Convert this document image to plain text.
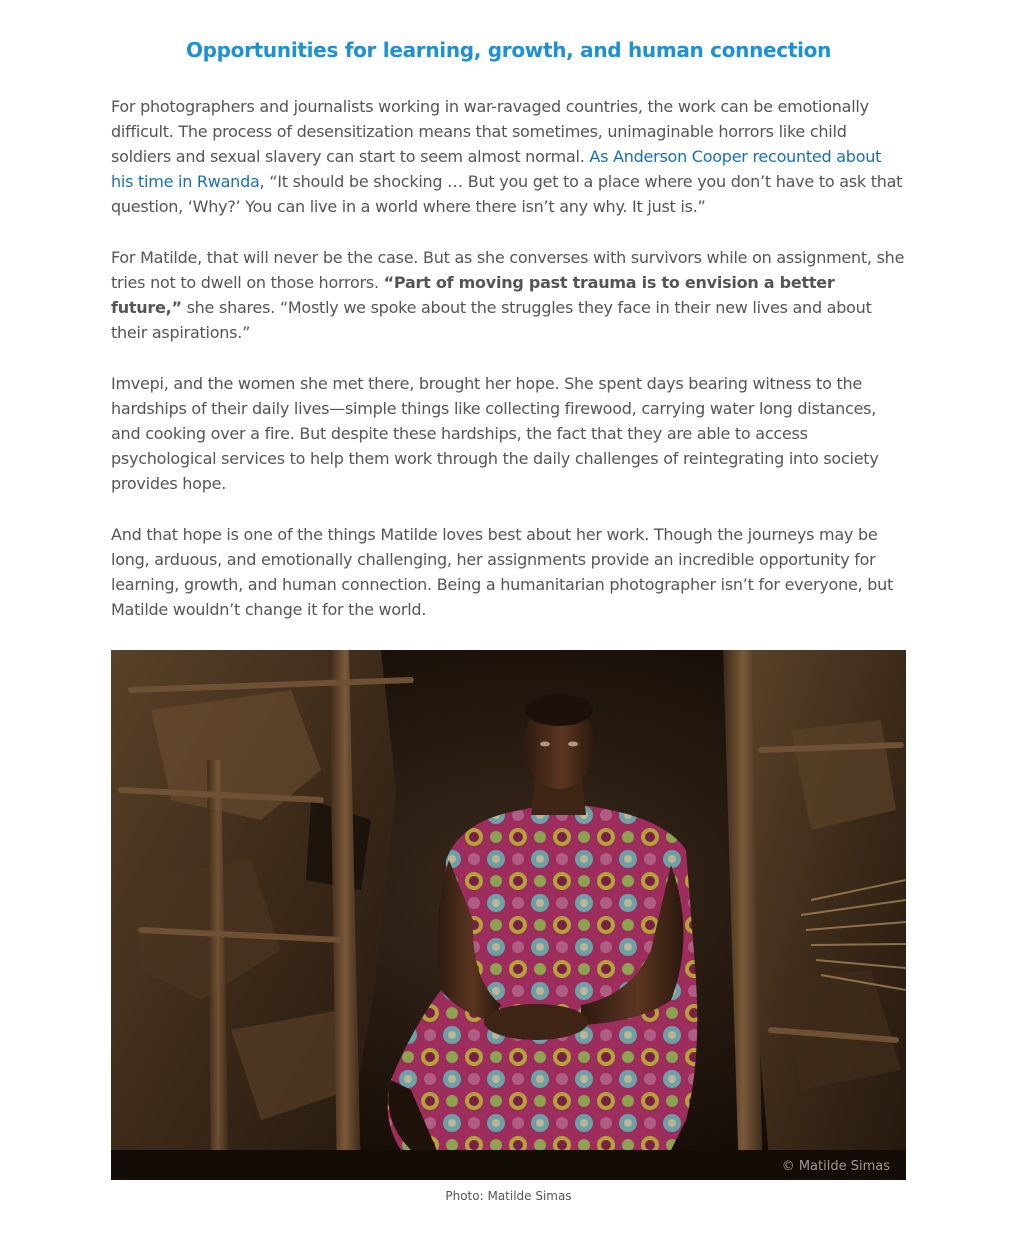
Opportunities for learning, growth, and human connection

For photographers and journalists working in war-ravaged countries, the work can be emotionally difficult. The process of desensitization means that sometimes, unimaginable horrors like child soldiers and sexual slavery can start to seem almost normal. As Anderson Cooper recounted about his time in Rwanda, “It should be shocking … But you get to a place where you don’t have to ask that question, ‘Why?’ You can live in a world where there isn’t any why. It just is.”

For Matilde, that will never be the case. But as she converses with survivors while on assignment, she tries not to dwell on those horrors. “Part of moving past trauma is to envision a better future,” she shares. “Mostly we spoke about the struggles they face in their new lives and about their aspirations.”

Imvepi, and the women she met there, brought her hope. She spent days bearing witness to the hardships of their daily lives—simple things like collecting firewood, carrying water long distances, and cooking over a fire. But despite these hardships, the fact that they are able to access psychological services to help them work through the daily challenges of reintegrating into society provides hope.

And that hope is one of the things Matilde loves best about her work. Though the journeys may be long, arduous, and emotionally challenging, her assignments provide an incredible opportunity for learning, growth, and human connection. Being a humanitarian photographer isn’t for everyone, but Matilde wouldn’t change it for the world.

© Matilde Simas
Photo: Matilde Simas
